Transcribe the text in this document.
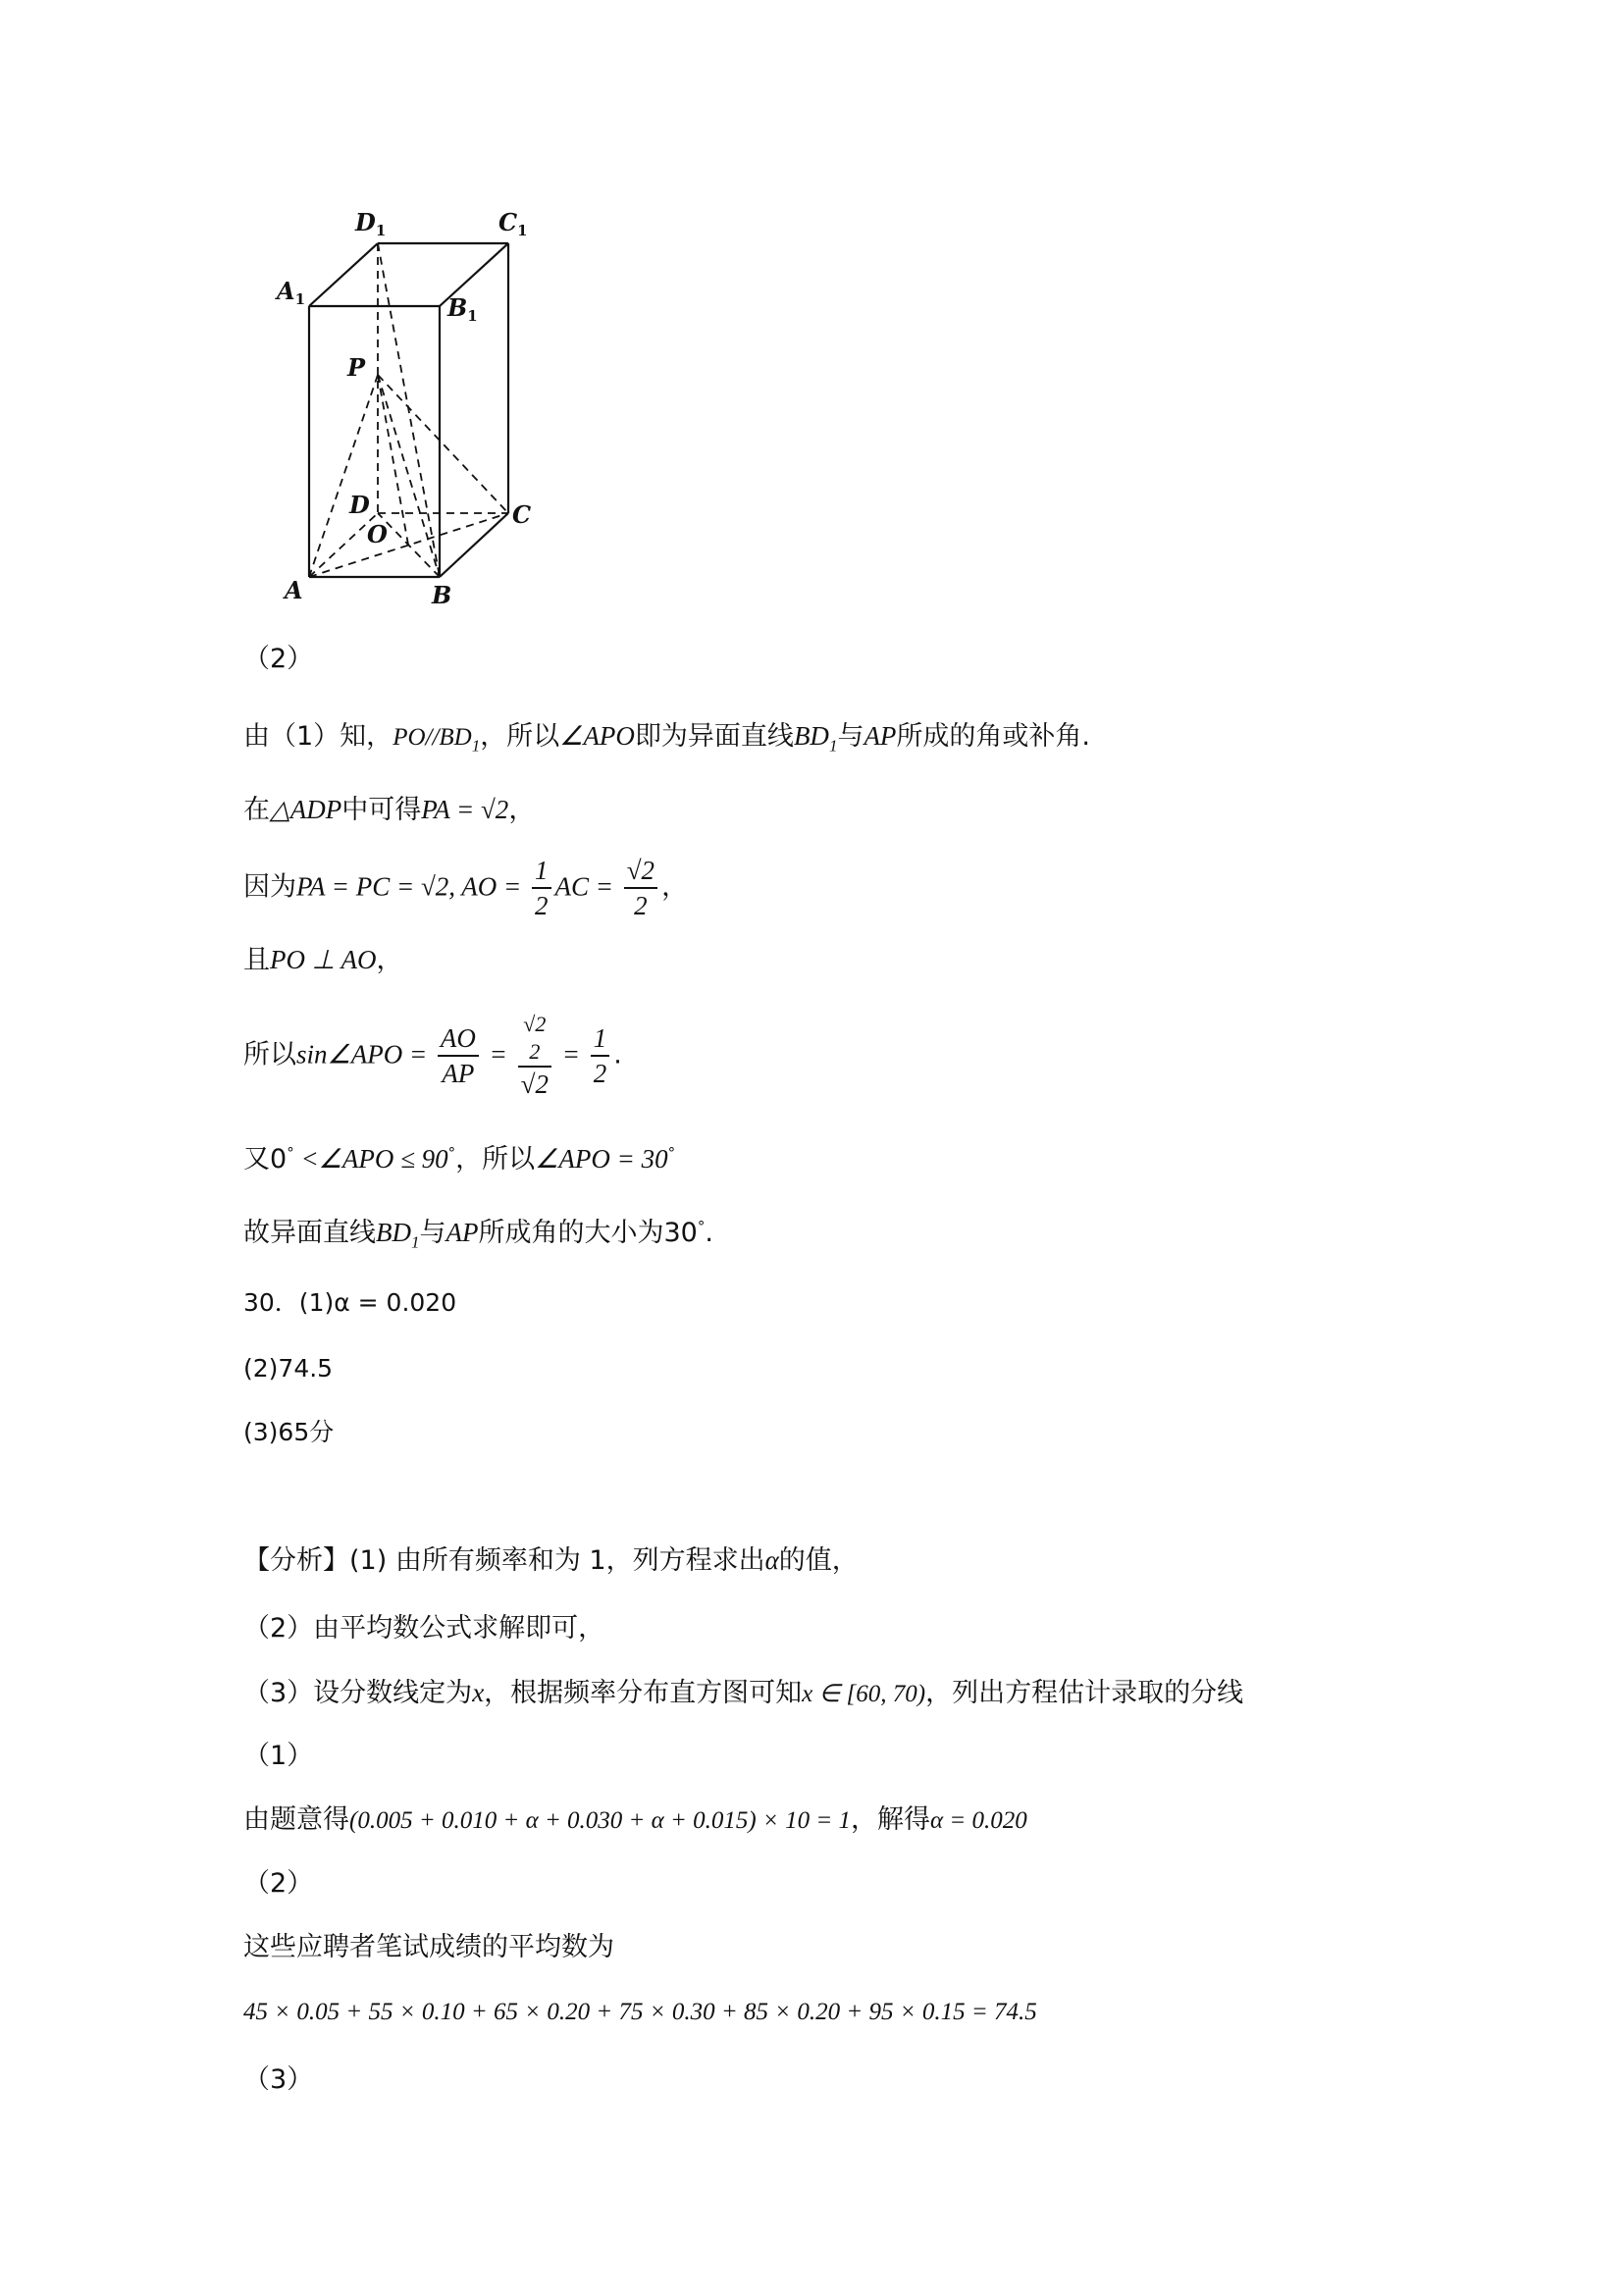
$D_1$	$C_1$
$A_1$	$B_1$
P
D	C
O
A	B
（2）
由（1）知，$PO//BD_1$，所以∠APO即为异面直线$BD_1$与AP所成的角或补角.
在△ADP中可得PA = √2，
因为PA = PC = √2, AO = $\frac{1}{2}$ AC = $\frac{√2}{2}$ ，
且PO ⊥ AO，
所以sin∠APO = $\frac{AO}{AP}$ =
√2
2
√2
= $\frac{1}{2}$ .
又0° <∠APO ≤ 90°，所以∠APO = 30°
故异面直线$BD_1$与AP所成角的大小为30°.
30．(1)α = 0.020
(2)74.5
(3)65分
【分析】(1) 由所有频率和为 1，列方程求出α的值，
（2）由平均数公式求解即可，
（3）设分数线定为x，根据频率分布直方图可知x ∈ [60, 70)，列出方程估计录取的分线
（1）
由题意得(0.005 + 0.010 + α + 0.030 + α + 0.015) × 10 = 1，解得α = 0.020
（2）
这些应聘者笔试成绩的平均数为
45 × 0.05 + 55 × 0.10 + 65 × 0.20 + 75 × 0.30 + 85 × 0.20 + 95 × 0.15 = 74.5
（3）
